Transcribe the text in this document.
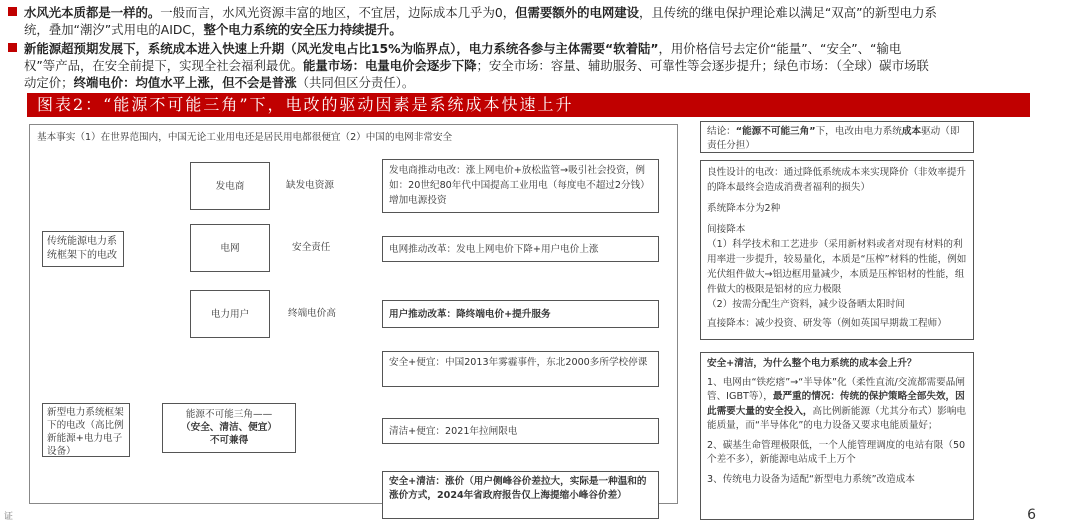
水风光本质都是一样的。一般而言，水风光资源丰富的地区，不宜居，边际成本几乎为0，但需要额外的电网建设，且传统的继电保护理论难以满足“双高”的新型电力系
统，叠加“潮汐”式用电的AIDC，整个电力系统的安全压力持续提升。
新能源超预期发展下，系统成本进入快速上升期（风光发电占比15%为临界点），电力系统各参与主体需要“软着陆”，用价格信号去定价“能量”、“安全”、“输电
权”等产品，在安全前提下，实现全社会福利最优。能量市场：电量电价会逐步下降；安全市场：容量、辅助服务、可靠性等会逐步提升；绿色市场：（全球）碳市场联
动定价；终端电价：均值水平上涨，但不会是普涨（共同但区分责任）。
图表2：“能源不可能三角”下，电改的驱动因素是系统成本快速上升
基本事实（1）在世界范围内，中国无论工业用电还是居民用电都很便宜（2）中国的电网非常安全
传统能源电力系统框架下的电改
发电商
电网
电力用户
缺发电资源
安全责任
终端电价高
发电商推动电改：涨上网电价+放松监管→吸引社会投资，例如：20世纪80年代中国提高工业用电（每度电不超过2分钱）增加电源投资
电网推动改革：发电上网电价下降+用户电价上涨
用户推动改革：降终端电价+提升服务
新型电力系统框架下的电改（高比例新能源+电力电子设备）
能源不可能三角——
（安全、清洁、便宜）
不可兼得
安全+便宜：中国2013年雾霾事件，东北2000多所学校停课
清洁+便宜：2021年拉闸限电
安全+清洁：涨价（用户侧峰谷价差拉大，实际是一种温和的涨价方式，2024年省政府报告仅上海提缩小峰谷价差）
结论：“能源不可能三角”下，电改由电力系统成本驱动（即责任分担）
良性设计的电改：通过降低系统成本来实现降价（非效率提升的降本最终会造成消费者福利的损失）
系统降本分为2种
间接降本
（1）科学技术和工艺进步（采用新材料或者对现有材料的利用率进一步提升，较易量化，本质是“压榨”材料的性能，例如光伏组件做大→铝边框用量减少，本质是压榨铝材的性能，组件做大的极限是铝材的应力极限
（2）按需分配生产资料，减少设备晒太阳时间
直接降本：减少投资、研发等（例如英国早期裁工程师）
安全+清洁，为什么整个电力系统的成本会上升？
1、电网由“铁疙瘩”→“半导体”化（柔性直流/交流都需要晶闸管、IGBT等），最严重的情况：传统的保护策略全部失效，因此需要大量的安全投入，高比例新能源（尤其分布式）影响电能质量，而“半导体化”的电力设备又要求电能质量好；
2、碳基生命管理极限低，一个人能管理调度的电站有限（50个差不多），新能源电站成千上万个
3、传统电力设备为适配“新型电力系统”改造成本
证	6
